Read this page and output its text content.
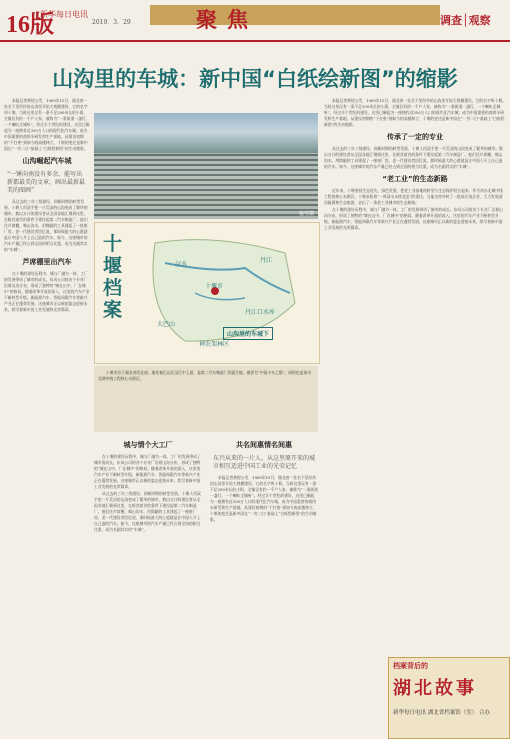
16版
新华每日电讯
2019．3．29	聚焦	调查│观察
山沟里的车城：新中国“白纸绘新图”的缩影

本报记者黄煜公发　1969年10月，湖北省一处名不见经传的山沟里开始大规模建设，它的名字叫十堰。当时这里仅有一条不足200米长的小街，全镇仅有约一千户人家，被称为“一条街道一盏灯，一个喇叭全城听”。经过半个世纪的建设，这里已崛起为一座拥有近350万人口的现代化汽车城，成为中国重要的商用车研发和生产基地。从建设初期的“干打垒”到如今的高楼林立，十堰的变迁是新中国在“一穷二白”基础上“白纸绘新图”的生动缩影。

山沟崛起汽车城
“一锤向南没有多余、能写出新都最美的文章，画出最新最美的图画”

从过去的三年三线建设，到新时期的转型发展，十堰人用双手把一片荒凉的山沟变成了繁华的城市。数以万计的建设者从全国各地汇聚到这里，在极其艰苦的条件下建设起第二汽车制造厂。他们住芦席棚，喝山沟水，用简陋的工具建起了一座座厂房。老一代建设者回忆说，那时候最大的心愿就是让中国人开上自己造的汽车。如今，这座城市的汽车产量已经占到全国的相当比重，成为名副其实的“车城”。

芦席棚里出汽车

在十堰的建设历程中，城与厂融为一体，工厂的发展带动了城市的成长。东风公司的各个专业厂沿着山沟分布，形成了独特的“城在山中，厂在城中”的格局。随着改革开放的深入，这里的汽车产业不断转型升级，新能源汽车、智能网联汽车等新兴产业正在蓬勃发展。这座城市正以新的姿态迎接未来，续写着新中国工业发展的光荣篇章。

施雪摄
十堰档案
汉水
丹江
大巴山
十堰市
神农架林区
丹江口水库
山沟里的车城下

十堰市位于湖北省西北部，地处秦巴山区汉江中上游，是第二汽车制造厂的诞生地，被誉为“中国卡车之都”，同时也是南水北调中线工程核心水源区。

城与情个大工厂

在十堰的建设历程中，城与厂融为一体，工厂的发展带动了城市的成长。东风公司的各个专业厂沿着山沟分布，形成了独特的“城在山中，厂在城中”的格局。随着改革开放的深入，这里的汽车产业不断转型升级，新能源汽车、智能网联汽车等新兴产业正在蓬勃发展。这座城市正以新的姿态迎接未来，续写着新中国工业发展的光荣篇章。

从过去的三年三线建设，到新时期的转型发展，十堰人用双手把一片荒凉的山沟变成了繁华的城市。数以万计的建设者从全国各地汇聚到这里，在极其艰苦的条件下建设起第二汽车制造厂。他们住芦席棚，喝山沟水，用简陋的工具建起了一座座厂房。老一代建设者回忆说，那时候最大的心愿就是让中国人开上自己造的汽车。如今，这座城市的汽车产量已经占到全国的相当比重，成为名副其实的“车城”。

共名间惠情名间惠
东兴从来的一片人，从这里原开来的城市相互适进中国工业的光荣记忆

本报记者黄煜公发　1969年10月，湖北省一处名不见经传的山沟里开始大规模建设，它的名字叫十堰。当时这里仅有一条不足200米长的小街，全镇仅有约一千户人家，被称为“一条街道一盏灯，一个喇叭全城听”。经过半个世纪的建设，这里已崛起为一座拥有近350万人口的现代化汽车城，成为中国重要的商用车研发和生产基地。从建设初期的“干打垒”到如今的高楼林立，十堰的变迁是新中国在“一穷二白”基础上“白纸绘新图”的生动缩影。

本报记者黄煜公发　1969年10月，湖北省一处名不见经传的山沟里开始大规模建设，它的名字叫十堰。当时这里仅有一条不足200米长的小街，全镇仅有约一千户人家，被称为“一条街道一盏灯，一个喇叭全城听”。经过半个世纪的建设，这里已崛起为一座拥有近350万人口的现代化汽车城，成为中国重要的商用车研发和生产基地。从建设初期的“干打垒”到如今的高楼林立，十堰的变迁是新中国在“一穷二白”基础上“白纸绘新图”的生动缩影。

传承了一定的专业

从过去的三年三线建设，到新时期的转型发展，十堰人用双手把一片荒凉的山沟变成了繁华的城市。数以万计的建设者从全国各地汇聚到这里，在极其艰苦的条件下建设起第二汽车制造厂。他们住芦席棚，喝山沟水，用简陋的工具建起了一座座厂房。老一代建设者回忆说，那时候最大的心愿就是让中国人开上自己造的汽车。如今，这座城市的汽车产量已经占到全国的相当比重，成为名副其实的“车城”。

“老工业”的生态新路

近年来，十堰坚持生态优先、绿色发展，把老工业基地的转型与生态保护结合起来。作为南水北调中线工程的核心水源区，十堰承担着“一库清水永续北送”的重任。当地关停并转了一批高污染企业，大力发展清洁能源和生态旅游，走出了一条老工业城市的生态新路。

在十堰的建设历程中，城与厂融为一体，工厂的发展带动了城市的成长。东风公司的各个专业厂沿着山沟分布，形成了独特的“城在山中，厂在城中”的格局。随着改革开放的深入，这里的汽车产业不断转型升级，新能源汽车、智能网联汽车等新兴产业正在蓬勃发展。这座城市正以新的姿态迎接未来，续写着新中国工业发展的光荣篇章。

档案背后的
湖北故事
新华每日电讯 湖北省档案馆（室） 合办
